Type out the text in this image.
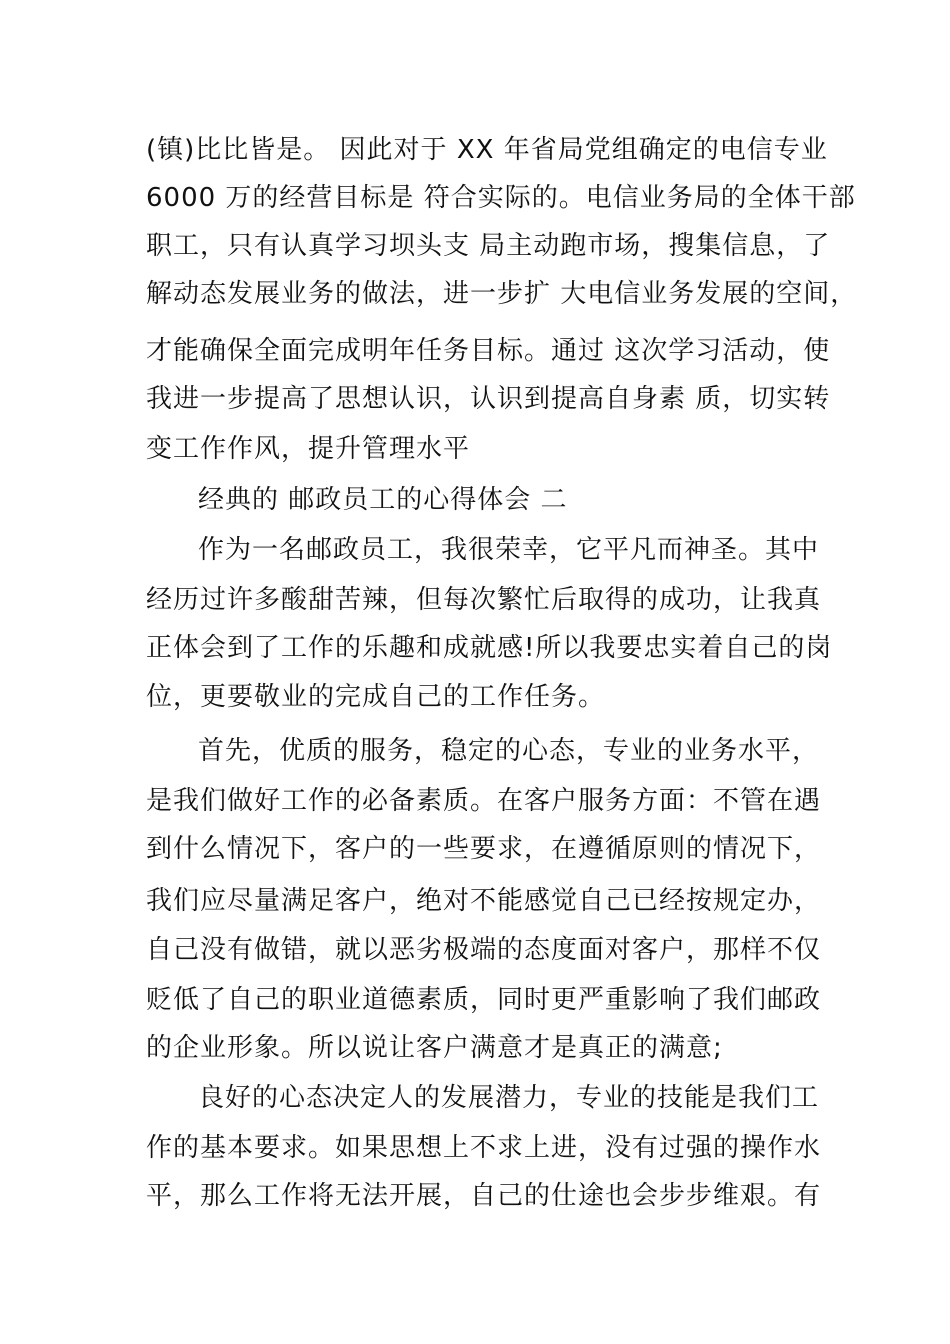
(镇)比比皆是。 因此对于 XX 年省局党组确定的电信专业
6000 万的经营目标是 符合实际的。电信业务局的全体干部
职工，只有认真学习坝头支 局主动跑市场，搜集信息，了
解动态发展业务的做法，进一步扩 大电信业务发展的空间，
才能确保全面完成明年任务目标。通过 这次学习活动，使
我进一步提高了思想认识，认识到提高自身素 质，切实转
变工作作风，提升管理水平
经典的 邮政员工的心得体会 二
作为一名邮政员工，我很荣幸，它平凡而神圣。其中
经历过许多酸甜苦辣，但每次繁忙后取得的成功，让我真
正体会到了工作的乐趣和成就感!所以我要忠实着自己的岗
位，更要敬业的完成自己的工作任务。
首先，优质的服务，稳定的心态，专业的业务水平，
是我们做好工作的必备素质。在客户服务方面：不管在遇
到什么情况下，客户的一些要求，在遵循原则的情况下，
我们应尽量满足客户，绝对不能感觉自己已经按规定办，
自己没有做错，就以恶劣极端的态度面对客户，那样不仅
贬低了自己的职业道德素质，同时更严重影响了我们邮政
的企业形象。所以说让客户满意才是真正的满意;
良好的心态决定人的发展潜力，专业的技能是我们工
作的基本要求。如果思想上不求上进，没有过强的操作水
平，那么工作将无法开展，自己的仕途也会步步维艰。有
